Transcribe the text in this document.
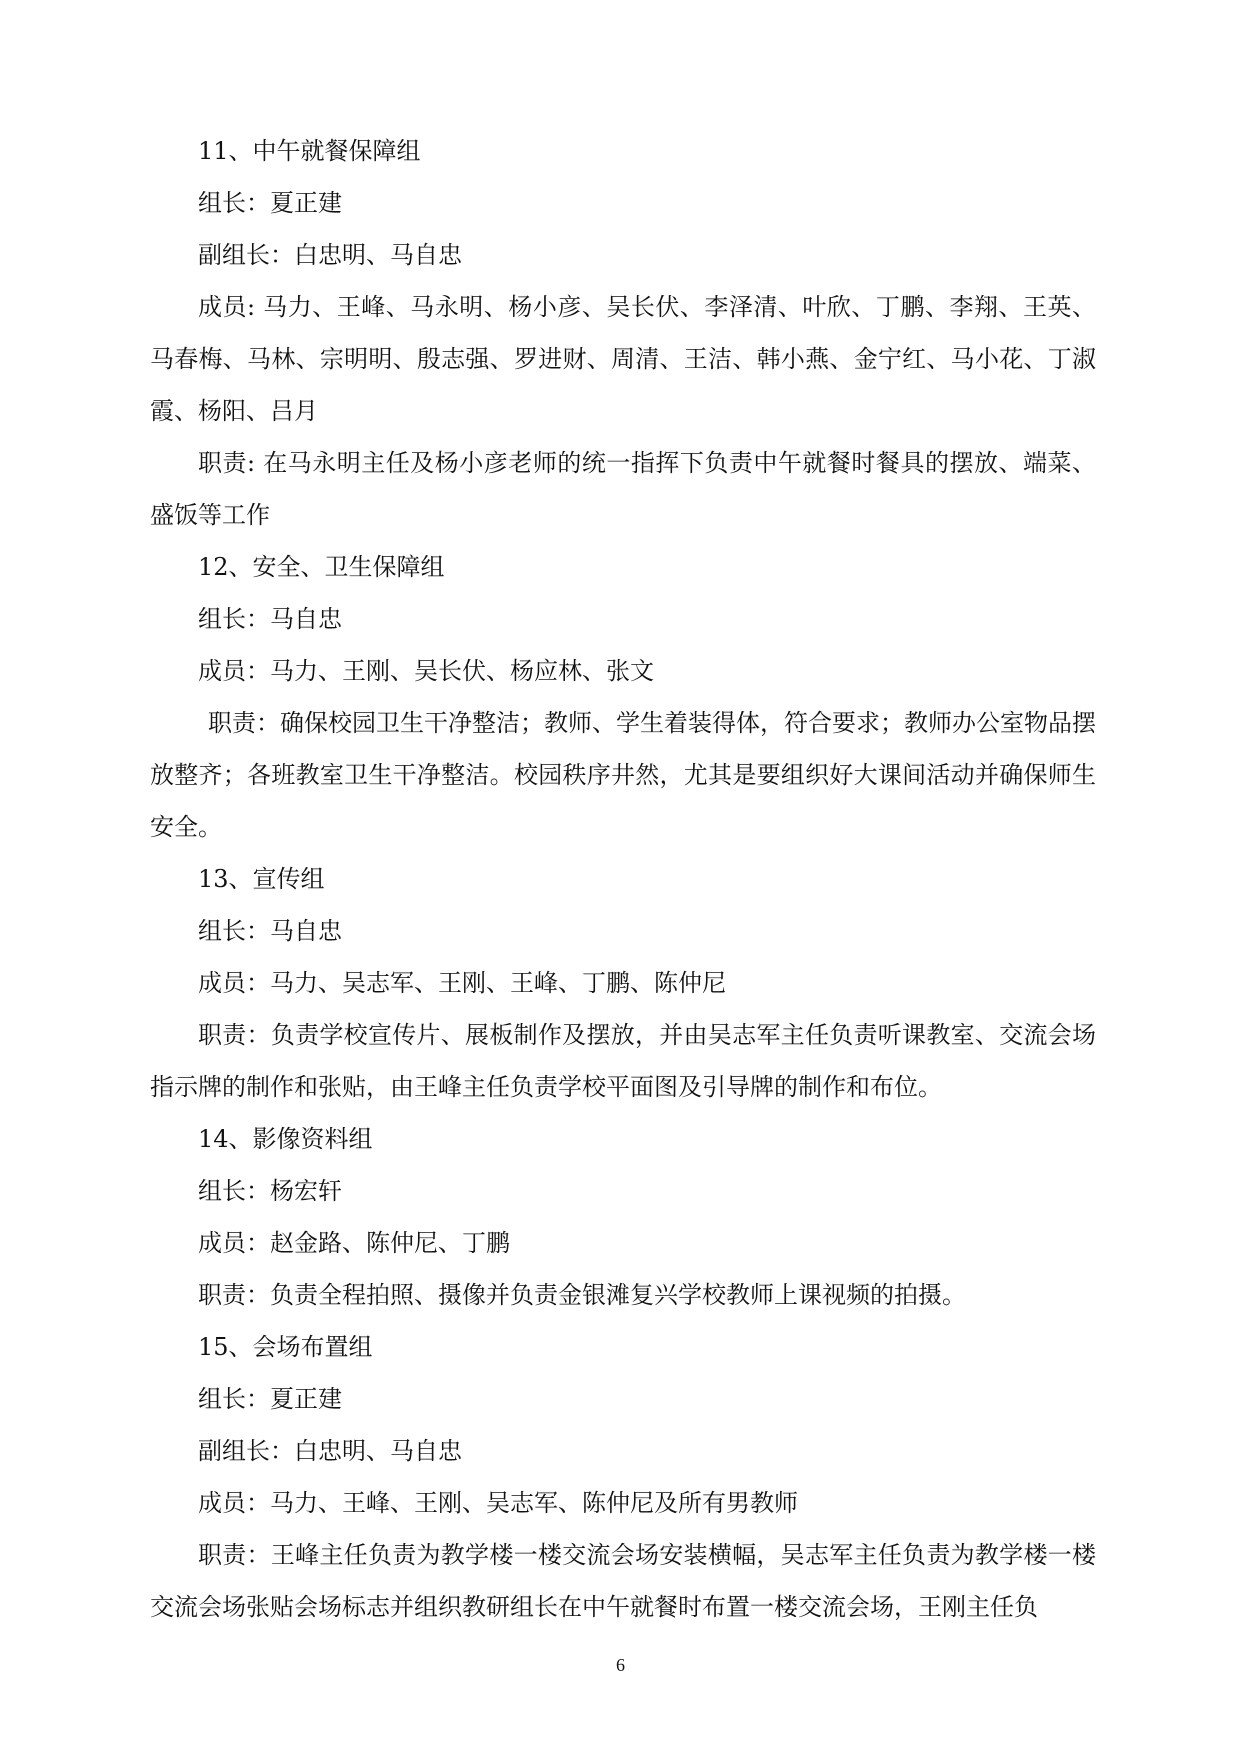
11、中午就餐保障组

组长：夏正建

副组长：白忠明、马自忠

成员: 马力、王峰、马永明、杨小彦、吴长伏、李泽清、叶欣、丁鹏、李翔、王英、马春梅、马林、宗明明、殷志强、罗进财、周清、王洁、韩小燕、金宁红、马小花、丁淑霞、杨阳、吕月

职责: 在马永明主任及杨小彦老师的统一指挥下负责中午就餐时餐具的摆放、端菜、盛饭等工作

12、安全、卫生保障组

组长：马自忠

成员：马力、王刚、吴长伏、杨应林、张文

职责：确保校园卫生干净整洁；教师、学生着装得体，符合要求；教师办公室物品摆放整齐；各班教室卫生干净整洁。校园秩序井然，尤其是要组织好大课间活动并确保师生安全。

13、宣传组

组长：马自忠

成员：马力、吴志军、王刚、王峰、丁鹏、陈仲尼

职责：负责学校宣传片、展板制作及摆放，并由吴志军主任负责听课教室、交流会场指示牌的制作和张贴，由王峰主任负责学校平面图及引导牌的制作和布位。

14、影像资料组

组长：杨宏轩

成员：赵金路、陈仲尼、丁鹏

职责：负责全程拍照、摄像并负责金银滩复兴学校教师上课视频的拍摄。

15、会场布置组

组长：夏正建

副组长：白忠明、马自忠

成员：马力、王峰、王刚、吴志军、陈仲尼及所有男教师

职责：王峰主任负责为教学楼一楼交流会场安装横幅，吴志军主任负责为教学楼一楼交流会场张贴会场标志并组织教研组长在中午就餐时布置一楼交流会场，王刚主任负

6
